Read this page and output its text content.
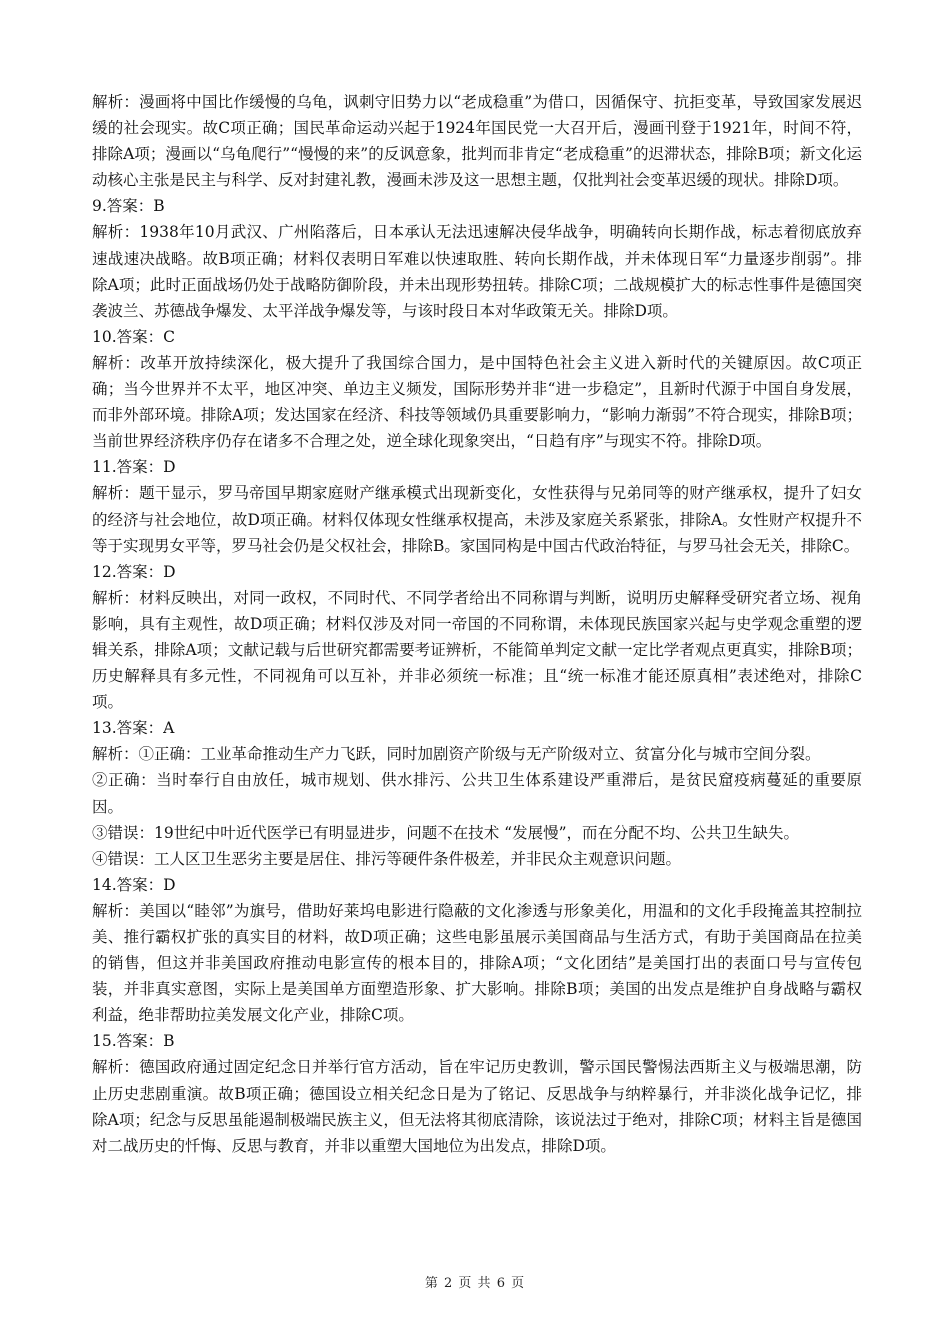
解析：漫画将中国比作缓慢的乌龟，讽刺守旧势力以“老成稳重”为借口，因循保守、抗拒变革，导致国家发展迟缓的社会现实。故C项正确；国民革命运动兴起于1924年国民党一大召开后，漫画刊登于1921年，时间不符，排除A项；漫画以“乌龟爬行”“慢慢的来”的反讽意象，批判而非肯定“老成稳重”的迟滞状态，排除B项；新文化运动核心主张是民主与科学、反对封建礼教，漫画未涉及这一思想主题，仅批判社会变革迟缓的现状。排除D项。

9.答案：B

解析：1938年10月武汉、广州陷落后，日本承认无法迅速解决侵华战争，明确转向长期作战，标志着彻底放弃速战速决战略。故B项正确；材料仅表明日军难以快速取胜、转向长期作战，并未体现日军“力量逐步削弱”。排除A项；此时正面战场仍处于战略防御阶段，并未出现形势扭转。排除C项；二战规模扩大的标志性事件是德国突袭波兰、苏德战争爆发、太平洋战争爆发等，与该时段日本对华政策无关。排除D项。

10.答案：C

解析：改革开放持续深化，极大提升了我国综合国力，是中国特色社会主义进入新时代的关键原因。故C项正确；当今世界并不太平，地区冲突、单边主义频发，国际形势并非“进一步稳定”，且新时代源于中国自身发展，而非外部环境。排除A项；发达国家在经济、科技等领域仍具重要影响力，“影响力渐弱”不符合现实，排除B项；当前世界经济秩序仍存在诸多不合理之处，逆全球化现象突出，“日趋有序”与现实不符。排除D项。

11.答案：D

解析：题干显示，罗马帝国早期家庭财产继承模式出现新变化，女性获得与兄弟同等的财产继承权，提升了妇女的经济与社会地位，故D项正确。材料仅体现女性继承权提高，未涉及家庭关系紧张，排除A。女性财产权提升不等于实现男女平等，罗马社会仍是父权社会，排除B。家国同构是中国古代政治特征，与罗马社会无关，排除C。

12.答案：D

解析：材料反映出，对同一政权，不同时代、不同学者给出不同称谓与判断，说明历史解释受研究者立场、视角影响，具有主观性，故D项正确；材料仅涉及对同一帝国的不同称谓，未体现民族国家兴起与史学观念重塑的逻辑关系，排除A项；文献记载与后世研究都需要考证辨析，不能简单判定文献一定比学者观点更真实，排除B项；历史解释具有多元性，不同视角可以互补，并非必须统一标准；且“统一标准才能还原真相”表述绝对，排除C项。

13.答案：A

解析：①正确：工业革命推动生产力飞跃，同时加剧资产阶级与无产阶级对立、贫富分化与城市空间分裂。

②正确：当时奉行自由放任，城市规划、供水排污、公共卫生体系建设严重滞后，是贫民窟疫病蔓延的重要原因。

③错误：19世纪中叶近代医学已有明显进步，问题不在技术 “发展慢”，而在分配不均、公共卫生缺失。

④错误：工人区卫生恶劣主要是居住、排污等硬件条件极差，并非民众主观意识问题。

14.答案：D

解析：美国以“睦邻”为旗号，借助好莱坞电影进行隐蔽的文化渗透与形象美化，用温和的文化手段掩盖其控制拉美、推行霸权扩张的真实目的材料，故D项正确；这些电影虽展示美国商品与生活方式，有助于美国商品在拉美的销售，但这并非美国政府推动电影宣传的根本目的，排除A项；“文化团结”是美国打出的表面口号与宣传包装，并非真实意图，实际上是美国单方面塑造形象、扩大影响。排除B项；美国的出发点是维护自身战略与霸权利益，绝非帮助拉美发展文化产业，排除C项。

15.答案：B

解析：德国政府通过固定纪念日并举行官方活动，旨在牢记历史教训，警示国民警惕法西斯主义与极端思潮，防止历史悲剧重演。故B项正确；德国设立相关纪念日是为了铭记、反思战争与纳粹暴行，并非淡化战争记忆，排除A项；纪念与反思虽能遏制极端民族主义，但无法将其彻底清除，该说法过于绝对，排除C项；材料主旨是德国对二战历史的忏悔、反思与教育，并非以重塑大国地位为出发点，排除D项。

第 2 页 共 6 页
